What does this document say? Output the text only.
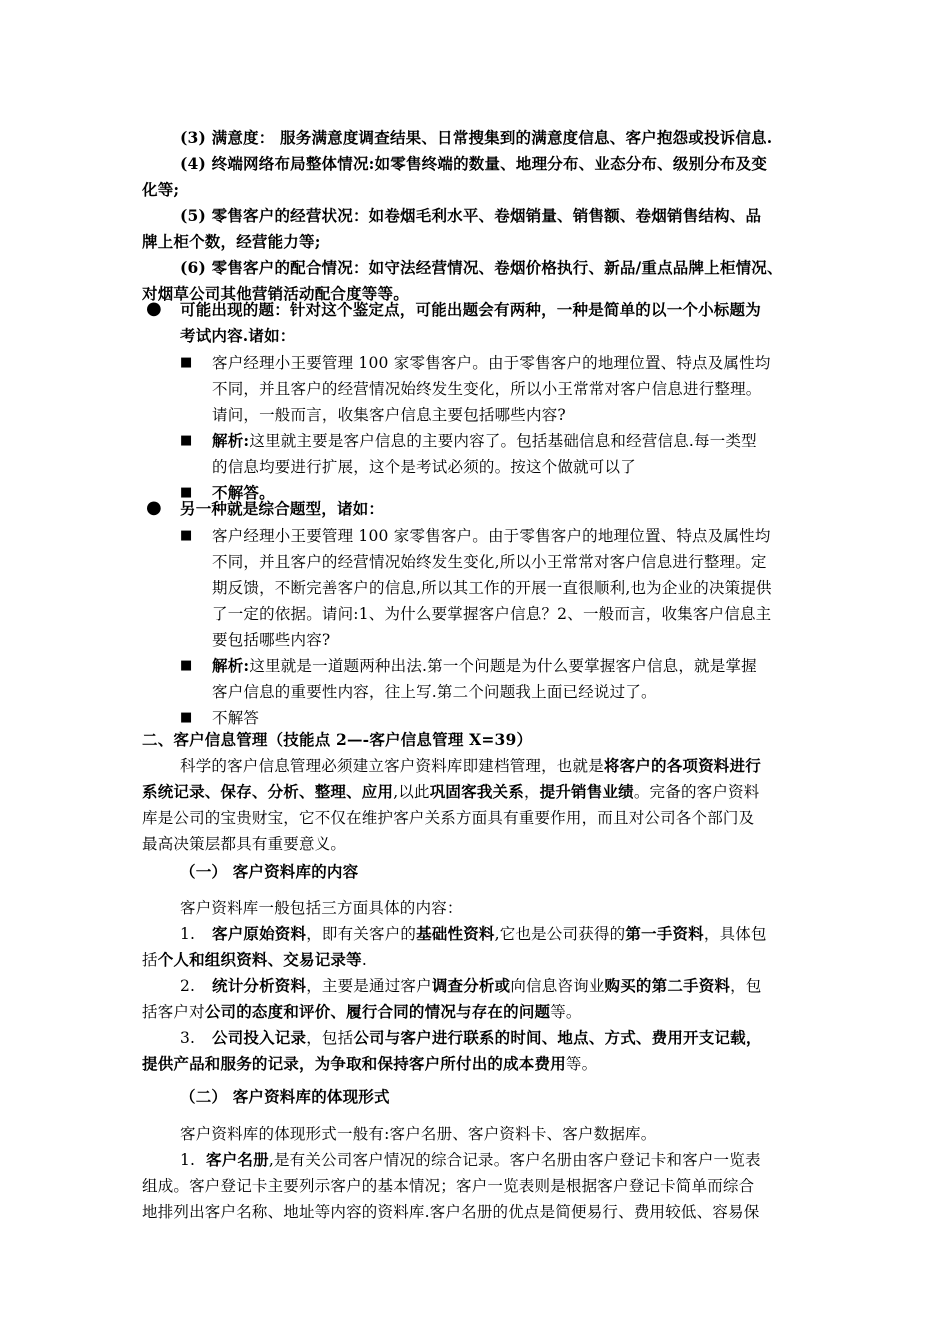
(3) 满意度： 服务满意度调查结果、日常搜集到的满意度信息、客户抱怨或投诉信息.
(4) 终端网络布局整体情况:如零售终端的数量、地理分布、业态分布、级别分布及变
化等;
(5) 零售客户的经营状况：如卷烟毛利水平、卷烟销量、销售额、卷烟销售结构、品
牌上柜个数，经营能力等;
(6) 零售客户的配合情况：如守法经营情况、卷烟价格执行、新品/重点品牌上柜情况、
对烟草公司其他营销活动配合度等等。
● 可能出现的题：针对这个鉴定点，可能出题会有两种，一种是简单的以一个小标题为
考试内容.诸如：
■ 客户经理小王要管理 100 家零售客户。由于零售客户的地理位置、特点及属性均
不同，并且客户的经营情况始终发生变化，所以小王常常对客户信息进行整理。
请问，一般而言，收集客户信息主要包括哪些内容?
■ 解析:这里就主要是客户信息的主要内容了。包括基础信息和经营信息.每一类型
的信息均要进行扩展，这个是考试必须的。按这个做就可以了
■ 不解答。
● 另一种就是综合题型，诸如：
■ 客户经理小王要管理 100 家零售客户。由于零售客户的地理位置、特点及属性均
不同，并且客户的经营情况始终发生变化,所以小王常常对客户信息进行整理。定
期反馈，不断完善客户的信息,所以其工作的开展一直很顺利,也为企业的决策提供
了一定的依据。请问:1、为什么要掌握客户信息？2、一般而言，收集客户信息主
要包括哪些内容?
■ 解析:这里就是一道题两种出法.第一个问题是为什么要掌握客户信息，就是掌握
客户信息的重要性内容，往上写.第二个问题我上面已经说过了。
■ 不解答
二、客户信息管理（技能点 2—-客户信息管理 X=39）
科学的客户信息管理必须建立客户资料库即建档管理，也就是将客户的各项资料进行
系统记录、保存、分析、整理、应用,以此巩固客我关系，提升销售业绩。完备的客户资料
库是公司的宝贵财宝，它不仅在维护客户关系方面具有重要作用，而且对公司各个部门及
最高决策层都具有重要意义。
（一） 客户资料库的内容
客户资料库一般包括三方面具体的内容：
1. 客户原始资料，即有关客户的基础性资料,它也是公司获得的第一手资料，具体包
括个人和组织资料、交易记录等.
2. 统计分析资料，主要是通过客户调查分析或向信息咨询业购买的第二手资料，包
括客户对公司的态度和评价、履行合同的情况与存在的问题等。
3. 公司投入记录，包括公司与客户进行联系的时间、地点、方式、费用开支记载，
提供产品和服务的记录，为争取和保持客户所付出的成本费用等。
（二） 客户资料库的体现形式
客户资料库的体现形式一般有:客户名册、客户资料卡、客户数据库。
1. 客户名册,是有关公司客户情况的综合记录。客户名册由客户登记卡和客户一览表
组成。客户登记卡主要列示客户的基本情况；客户一览表则是根据客户登记卡简单而综合
地排列出客户名称、地址等内容的资料库.客户名册的优点是简便易行、费用较低、容易保
